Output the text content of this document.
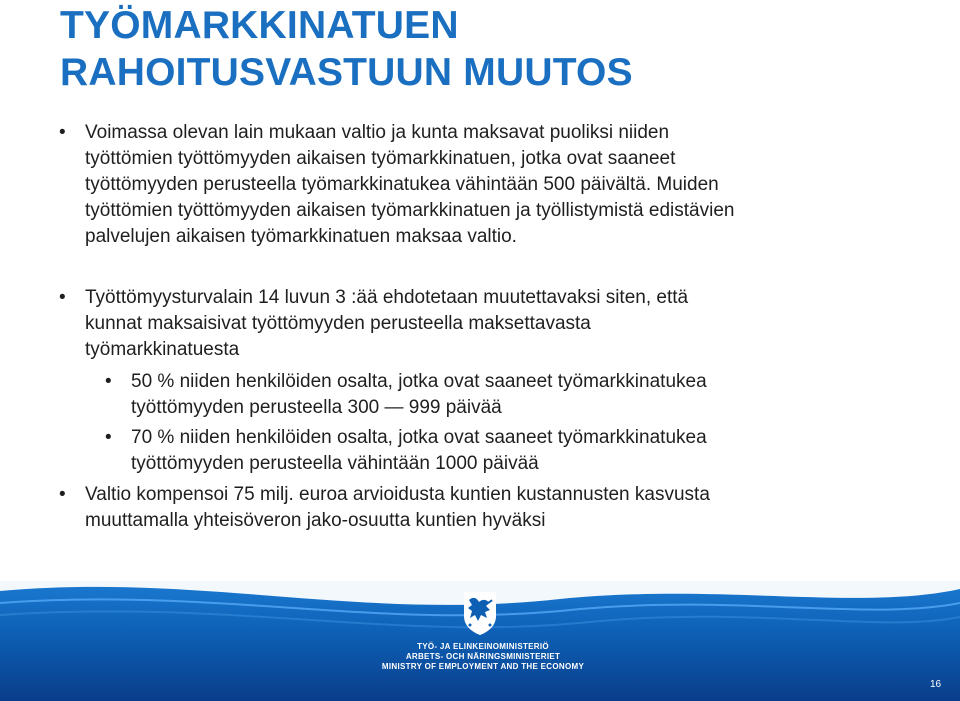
TYÖMARKKINATUEN
RAHOITUSVASTUUN MUUTOS
• Voimassa olevan lain mukaan valtio ja kunta maksavat puoliksi niiden
työttömien työttömyyden aikaisen työmarkkinatuen, jotka ovat saaneet
työttömyyden perusteella työmarkkinatukea vähintään 500 päivältä. Muiden
työttömien työttömyyden aikaisen työmarkkinatuen ja työllistymistä edistävien
palvelujen aikaisen työmarkkinatuen maksaa valtio.
• Työttömyysturvalain 14 luvun 3 :ää ehdotetaan muutettavaksi siten, että
kunnat maksaisivat työttömyyden perusteella maksettavasta
työmarkkinatuesta
• 50 % niiden henkilöiden osalta, jotka ovat saaneet työmarkkinatukea
työttömyyden perusteella 300 — 999 päivää
• 70 % niiden henkilöiden osalta, jotka ovat saaneet työmarkkinatukea
työttömyyden perusteella vähintään 1000 päivää
• Valtio kompensoi 75 milj. euroa arvioidusta kuntien kustannusten kasvusta
muuttamalla yhteisöveron jako-osuutta kuntien hyväksi
TYÖ- JA ELINKEINOMINISTERIÖ
ARBETS- OCH NÄRINGSMINISTERIET
MINISTRY OF EMPLOYMENT AND THE ECONOMY
16
